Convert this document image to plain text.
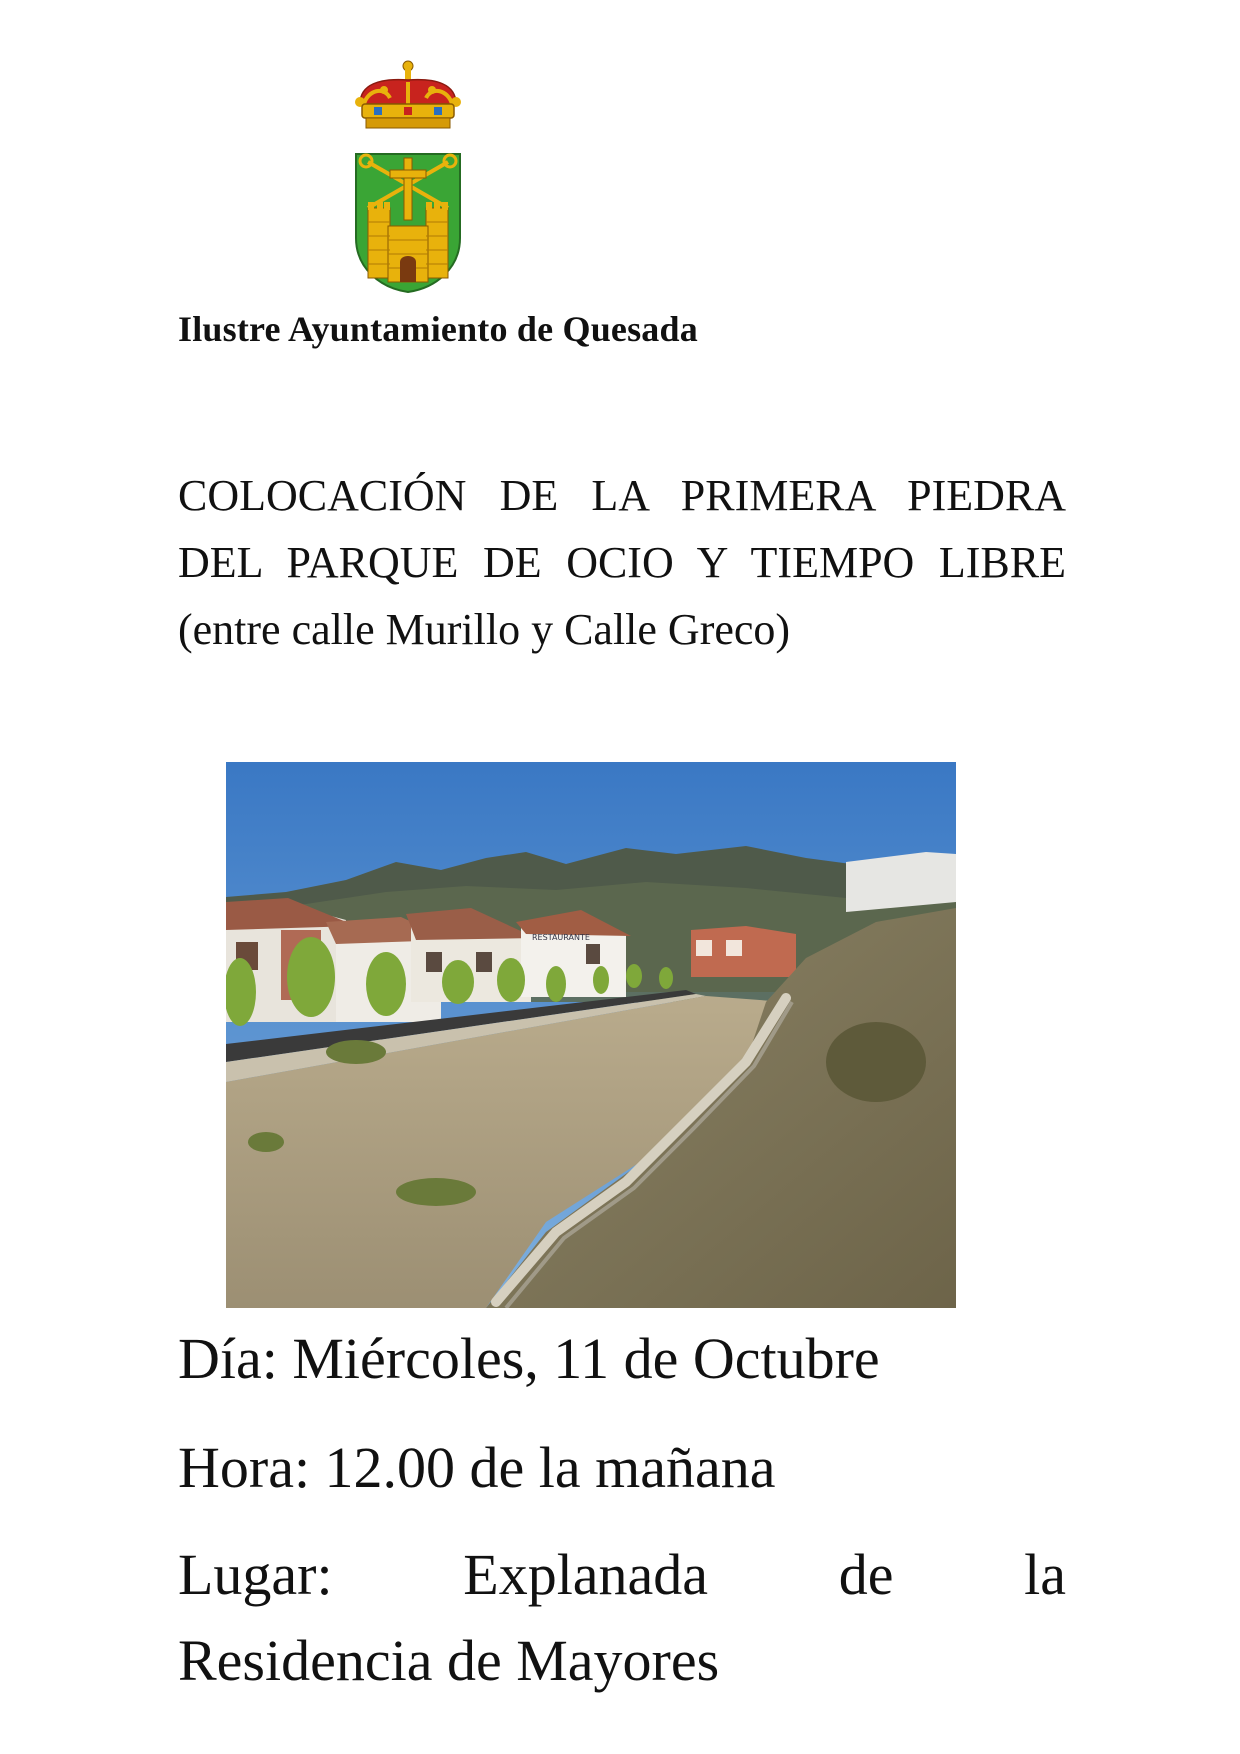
Ilustre Ayuntamiento de Quesada
COLOCACIÓN DE LA PRIMERA PIEDRA DEL PARQUE DE OCIO Y TIEMPO LIBRE (entre calle Murillo y Calle Greco)
RESTAURANTE
Día: Miércoles, 11 de Octubre
Hora: 12.00 de la mañana
Lugar: Explanada de la
Residencia de Mayores
